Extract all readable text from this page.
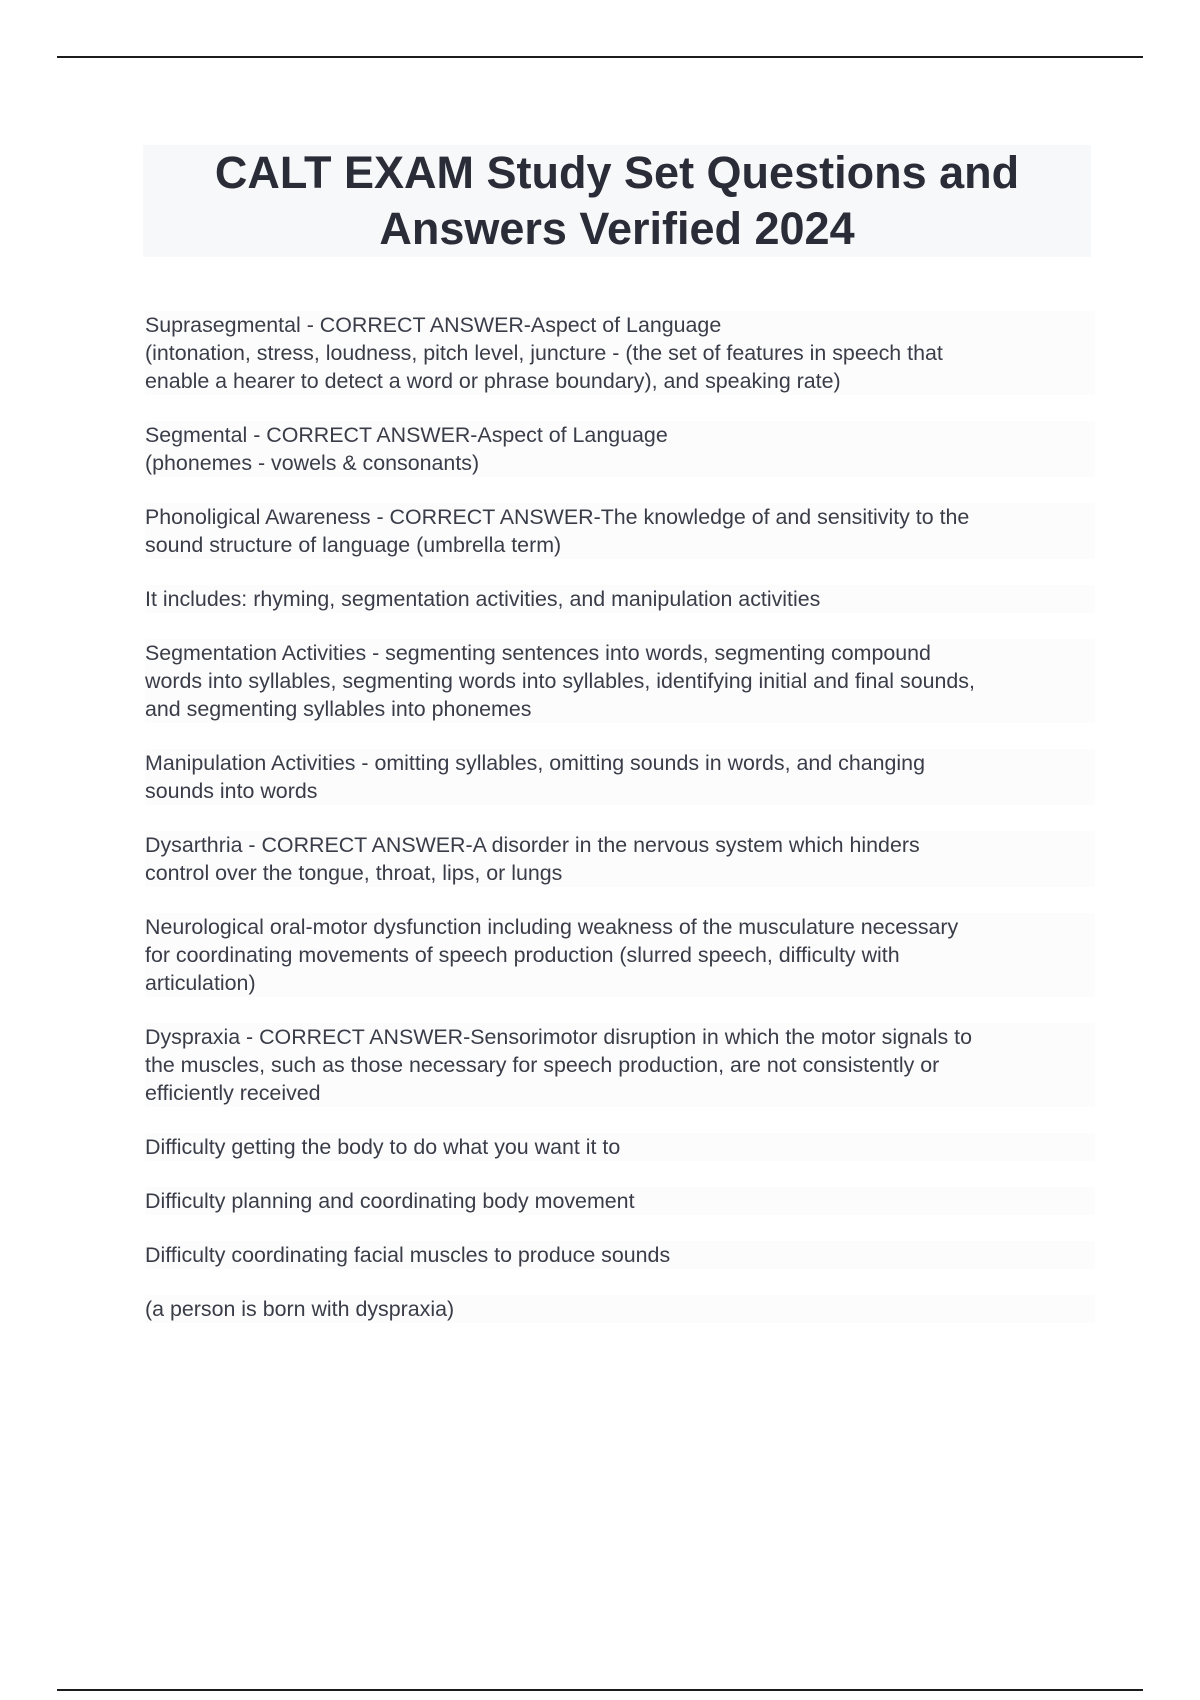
CALT EXAM Study Set Questions and
Answers Verified 2024

Suprasegmental - CORRECT ANSWER-Aspect of Language
(intonation, stress, loudness, pitch level, juncture - (the set of features in speech that
enable a hearer to detect a word or phrase boundary), and speaking rate)

Segmental - CORRECT ANSWER-Aspect of Language
(phonemes - vowels & consonants)

Phonoligical Awareness - CORRECT ANSWER-The knowledge of and sensitivity to the
sound structure of language (umbrella term)

It includes: rhyming, segmentation activities, and manipulation activities

Segmentation Activities - segmenting sentences into words, segmenting compound
words into syllables, segmenting words into syllables, identifying initial and final sounds,
and segmenting syllables into phonemes

Manipulation Activities - omitting syllables, omitting sounds in words, and changing
sounds into words

Dysarthria - CORRECT ANSWER-A disorder in the nervous system which hinders
control over the tongue, throat, lips, or lungs

Neurological oral-motor dysfunction including weakness of the musculature necessary
for coordinating movements of speech production (slurred speech, difficulty with
articulation)

Dyspraxia - CORRECT ANSWER-Sensorimotor disruption in which the motor signals to
the muscles, such as those necessary for speech production, are not consistently or
efficiently received

Difficulty getting the body to do what you want it to

Difficulty planning and coordinating body movement

Difficulty coordinating facial muscles to produce sounds

(a person is born with dyspraxia)
